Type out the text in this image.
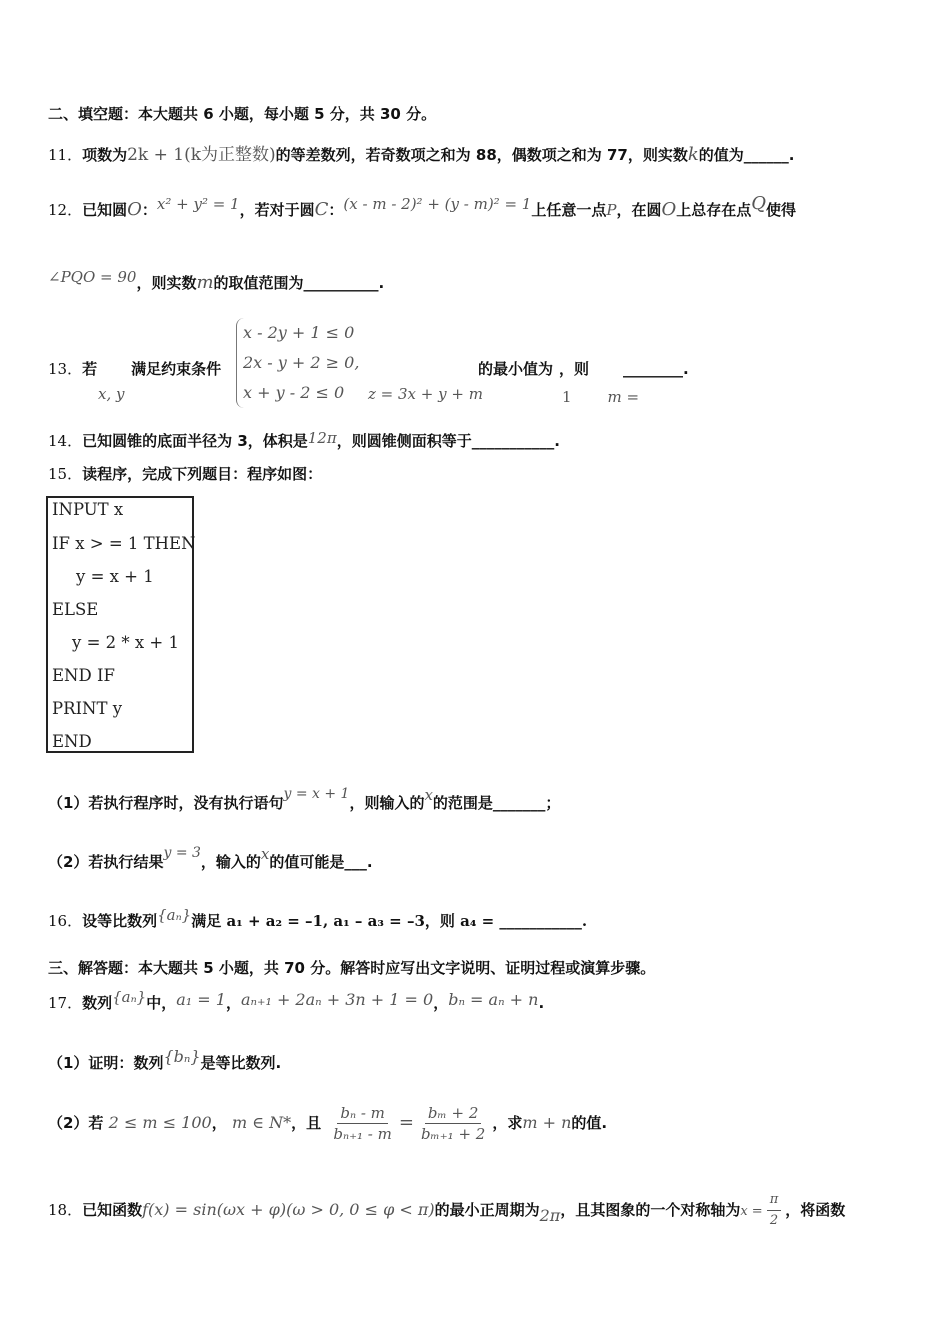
二、填空题：本大题共 6 小题，每小题 5 分，共 30 分。
11．项数为2k + 1(k为正整数)的等差数列，若奇数项之和为 88，偶数项之和为 77，则实数k的值为______.
12．已知圆O：x² + y² = 1，若对于圆C：(x - m - 2)² + (y - m)² = 1上任意一点P，在圆O上总存在点Q使得
∠PQO = 90，则实数m的取值范围为__________.
13．若 满足约束条件
x, y
x - 2y + 1 ≤ 0
2x - y + 2 ≥ 0,
x + y - 2 ≤ 0	z = 3x + y + m
的最小值为 ，则 ________.
1 m =
14．已知圆锥的底面半径为 3，体积是12π，则圆锥侧面积等于___________.
15．读程序，完成下列题目：程序如图：
INPUT x
IF x > = 1 THEN
y = x + 1
ELSE
y = 2 * x + 1
END IF
PRINT y
END
（1）若执行程序时，没有执行语句y = x + 1，则输入的x的范围是_______；
（2）若执行结果y = 3，输入的x的值可能是___.
16．设等比数列{aₙ}满足 a₁ + a₂ = –1, a₁ – a₃ = –3，则 a₄ = ___________.
三、解答题：本大题共 5 小题，共 70 分。解答时应写出文字说明、证明过程或演算步骤。
17．数列{aₙ}中，a₁ = 1，aₙ₊₁ + 2aₙ + 3n + 1 = 0，bₙ = aₙ + n.
（1）证明：数列{bₙ}是等比数列.
（2）若 2 ≤ m ≤ 100， m ∈ N*，且 $\frac{\text{bₙ - m}}{\text{bₙ₊₁ - m}} = \frac{\text{bₘ + 2}}{\text{bₘ₊₁ + 2}}$ ，求m + n的值.
18．已知函数f(x) = sin(ωx + φ)(ω > 0, 0 ≤ φ < π)的最小正周期为2π，且其图象的一个对称轴为$x = \frac{\pi}{2}$ ，将函数
